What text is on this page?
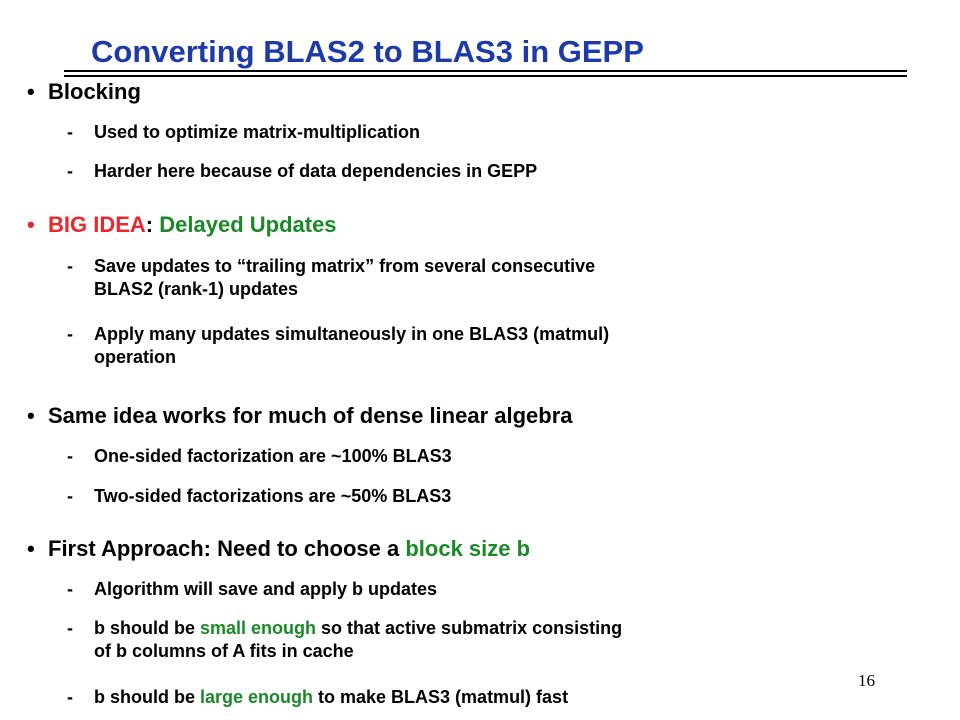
Converting BLAS2 to BLAS3 in GEPP
• Blocking
- Used to optimize matrix-multiplication
- Harder here because of data dependencies in GEPP
• BIG IDEA: Delayed Updates
- Save updates to “trailing matrix” from several consecutive
BLAS2 (rank-1) updates
- Apply many updates simultaneously in one BLAS3 (matmul)
operation
• Same idea works for much of dense linear algebra
- One-sided factorization are ~100% BLAS3
- Two-sided factorizations are ~50% BLAS3
• First Approach: Need to choose a block size b
- Algorithm will save and apply b updates
- b should be small enough so that active submatrix consisting
of b columns of A fits in cache
- b should be large enough to make BLAS3 (matmul) fast
16
